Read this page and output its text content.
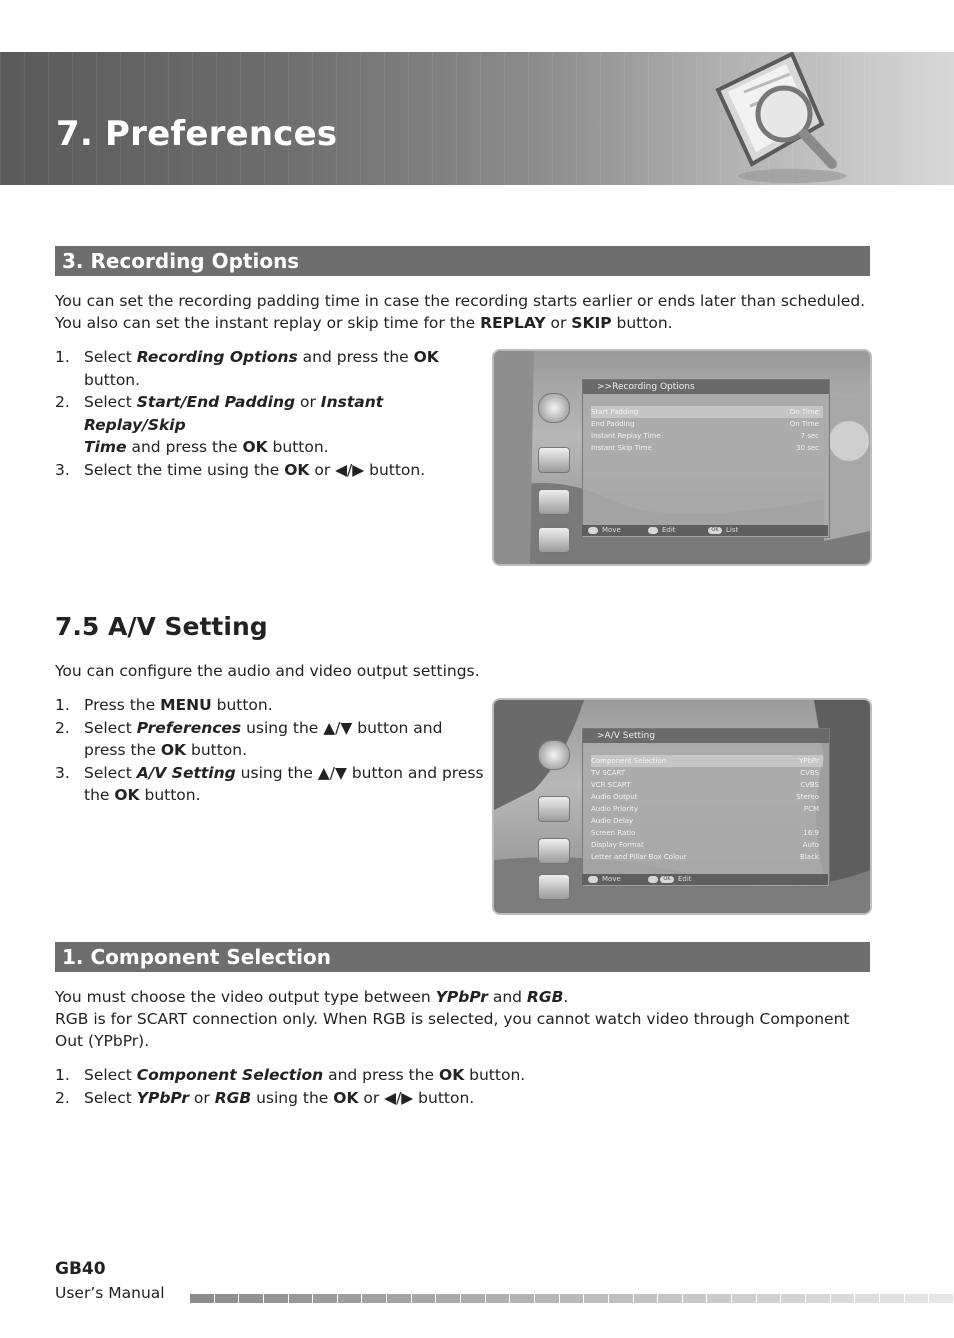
7. Preferences
3. Recording Options

You can set the recording padding time in case the recording starts earlier or ends later than scheduled.
You also can set the instant replay or skip time for the REPLAY or SKIP button.

1. Select Recording Options and press the OK
button.
2. Select Start/End Padding or Instant Replay/Skip
Time and press the OK button.
3. Select the time using the OK or ◀/▶ button.
>>Recording Options
Start Padding	On Time
End Padding	On Time
Instant Replay Time	7 sec
Instant Skip Time	30 sec
Move	Edit	OK	List
7.5 A/V Setting

You can configure the audio and video output settings.

1. Press the MENU button.
2. Select Preferences using the ▲/▼ button and
press the OK button.
3. Select A/V Setting using the ▲/▼ button and press
the OK button.
>A/V Setting
Component Selection	YPbPr
TV SCART	CVBS
VCR SCART	CVBS
Audio Output	Stereo
Audio Priority	PCM
Audio Delay
Screen Ratio	16:9
Display Format	Auto
Letter and Pillar Box Colour	Black
Move	OK	Edit
1. Component Selection

You must choose the video output type between YPbPr and RGB.
RGB is for SCART connection only. When RGB is selected, you cannot watch video through Component
Out (YPbPr).

1. Select Component Selection and press the OK button.
2. Select YPbPr or RGB using the OK or ◀/▶ button.
GB40
User’s Manual
